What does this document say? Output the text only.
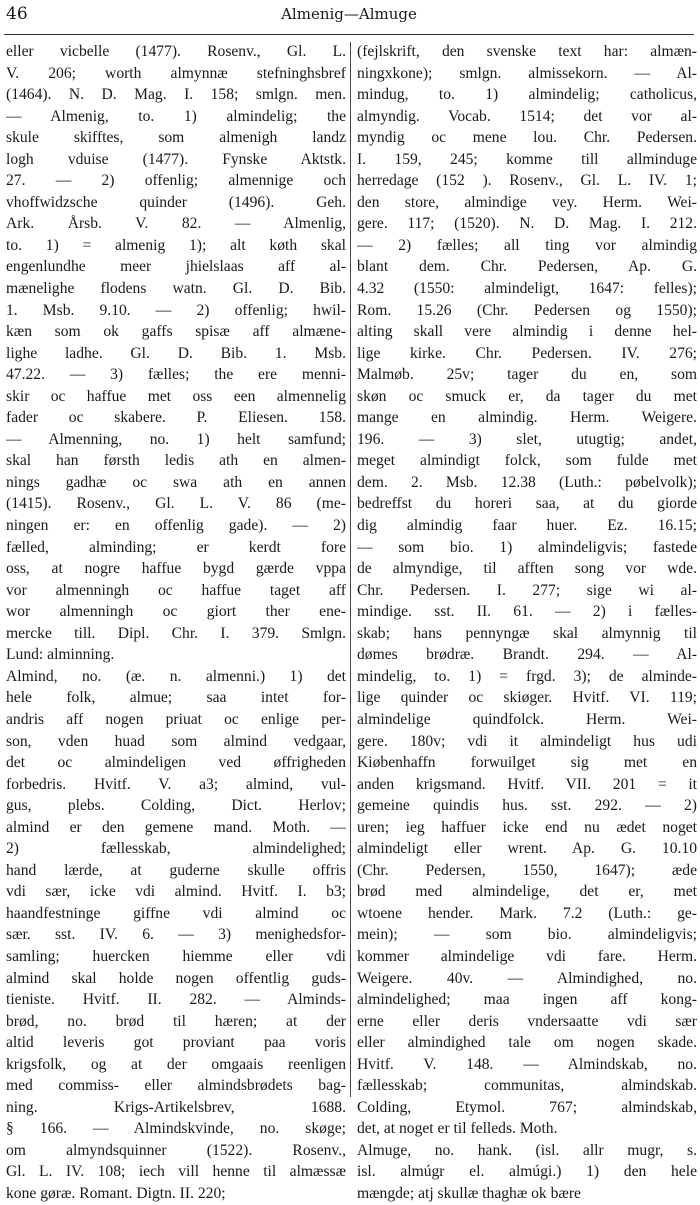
46	Almenig—Almuge
eller vicbelle (1477). Rosenv., Gl. L.
V. 206; worth almynnæ stefninghsbref
(1464). N. D. Mag. I. 158; smlgn. men.
— Almenig, to. 1) almindelig; the
skule skifftes, som almenigh landz
logh vduise (1477). Fynske Aktstk.
27. — 2) offenlig; almennige och
vhoffwidzsche quinder (1496). Geh.
Ark. Årsb. V. 82. — Almenlig,
to. 1) = almenig 1); alt køth skal
engenlundhe meer jhielslaas aff al-
mænelighe flodens watn. Gl. D. Bib.
1. Msb. 9.10. — 2) offenlig; hwil-
kæn som ok gaffs spisæ aff almæne-
lighe ladhe. Gl. D. Bib. 1. Msb.
47.22. — 3) fælles; the ere menni-
skir oc haffue met oss een almennelig
fader oc skabere. P. Eliesen. 158.
— Almenning, no. 1) helt samfund;
skal han førsth ledis ath en almen-
nings gadhæ oc swa ath en annen
(1415). Rosenv., Gl. L. V. 86 (me-
ningen er: en offenlig gade). — 2)
fælled, alminding; er kerdt fore
oss, at nogre haffue bygd gærde vppa
vor almenningh oc haffue taget aff
wor almenningh oc giort ther ene-
mercke till. Dipl. Chr. I. 379. Smlgn.
Lund: alminning.
Almind, no. (æ. n. almenni.) 1) det
hele folk, almue; saa intet for-
andris aff nogen priuat oc enlige per-
son, vden huad som almind vedgaar,
det oc almindeligen ved øffrigheden
forbedris. Hvitf. V. a3; almind, vul-
gus, plebs. Colding, Dict. Herlov;
almind er den gemene mand. Moth. —
2) fællesskab, almindelighed;
hand lærde, at guderne skulle offris
vdi sær, icke vdi almind. Hvitf. I. b3;
haandfestninge giffne vdi almind oc
sær. sst. IV. 6. — 3) menighedsfor-
samling; huercken hiemme eller vdi
almind skal holde nogen offentlig guds-
tieniste. Hvitf. II. 282. — Alminds-
brød, no. brød til hæren; at der
altid leveris got proviant paa voris
krigsfolk, og at der omgaais reenligen
med commiss- eller almindsbrødets bag-
ning. Krigs-Artikelsbrev, 1688.
§ 166. — Almindskvinde, no. skøge;
om almyndsquinner (1522). Rosenv.,
Gl. L. IV. 108; iech vill henne til almæssæ
kone gøræ. Romant. Digtn. II. 220;
(fejlskrift, den svenske text har: almæn-
ningxkone); smlgn. almissekorn. — Al-
mindug, to. 1) almindelig; catholicus,
almyndig. Vocab. 1514; det vor al-
myndig oc mene lou. Chr. Pedersen.
I. 159, 245; komme till allminduge
herredage (152 ). Rosenv., Gl. L. IV. 1;
den store, almindige vey. Herm. Wei-
gere. 117; (1520). N. D. Mag. I. 212.
— 2) fælles; all ting vor almindig
blant dem. Chr. Pedersen, Ap. G.
4.32 (1550: almindeligt, 1647: felles);
Rom. 15.26 (Chr. Pedersen og 1550);
alting skall vere almindig i denne hel-
lige kirke. Chr. Pedersen. IV. 276;
Malmøb. 25v; tager du en, som
skøn oc smuck er, da tager du met
mange en almindig. Herm. Weigere.
196. — 3) slet, utugtig; andet,
meget almindigt folck, som fulde met
dem. 2. Msb. 12.38 (Luth.: pøbelvolk);
bedreffst du horeri saa, at du giorde
dig almindig faar huer. Ez. 16.15;
— som bio. 1) almindeligvis; fastede
de almyndige, til afften song vor wde.
Chr. Pedersen. I. 277; sige wi al-
mindige. sst. II. 61. — 2) i fælles-
skab; hans pennyngæ skal almynnig til
dømes brødræ. Brandt. 294. — Al-
mindelig, to. 1) = frgd. 3); de alminde-
lige quinder oc skiøger. Hvitf. VI. 119;
almindelige quindfolck. Herm. Wei-
gere. 180v; vdi it almindeligt hus udi
Kiøbenhaffn forwuilget sig met en
anden krigsmand. Hvitf. VII. 201 = it
gemeine quindis hus. sst. 292. — 2)
uren; ieg haffuer icke end nu ædet noget
almindeligt eller wrent. Ap. G. 10.10
(Chr. Pedersen, 1550, 1647); æde
brød med almindelige, det er, met
wtoene hender. Mark. 7.2 (Luth.: ge-
mein); — som bio. almindeligvis;
kommer almindelige vdi fare. Herm.
Weigere. 40v. — Almindighed, no.
almindelighed; maa ingen aff kong-
erne eller deris vndersaatte vdi sær
eller almindighed tale om nogen skade.
Hvitf. V. 148. — Almindskab, no.
fællesskab; communitas, almindskab.
Colding, Etymol. 767; almindskab,
det, at noget er til felleds. Moth.
Almuge, no. hank. (isl. allr mugr, s.
isl. almúgr el. almúgi.) 1) den hele
mængde; atj skullæ thaghæ ok bære
